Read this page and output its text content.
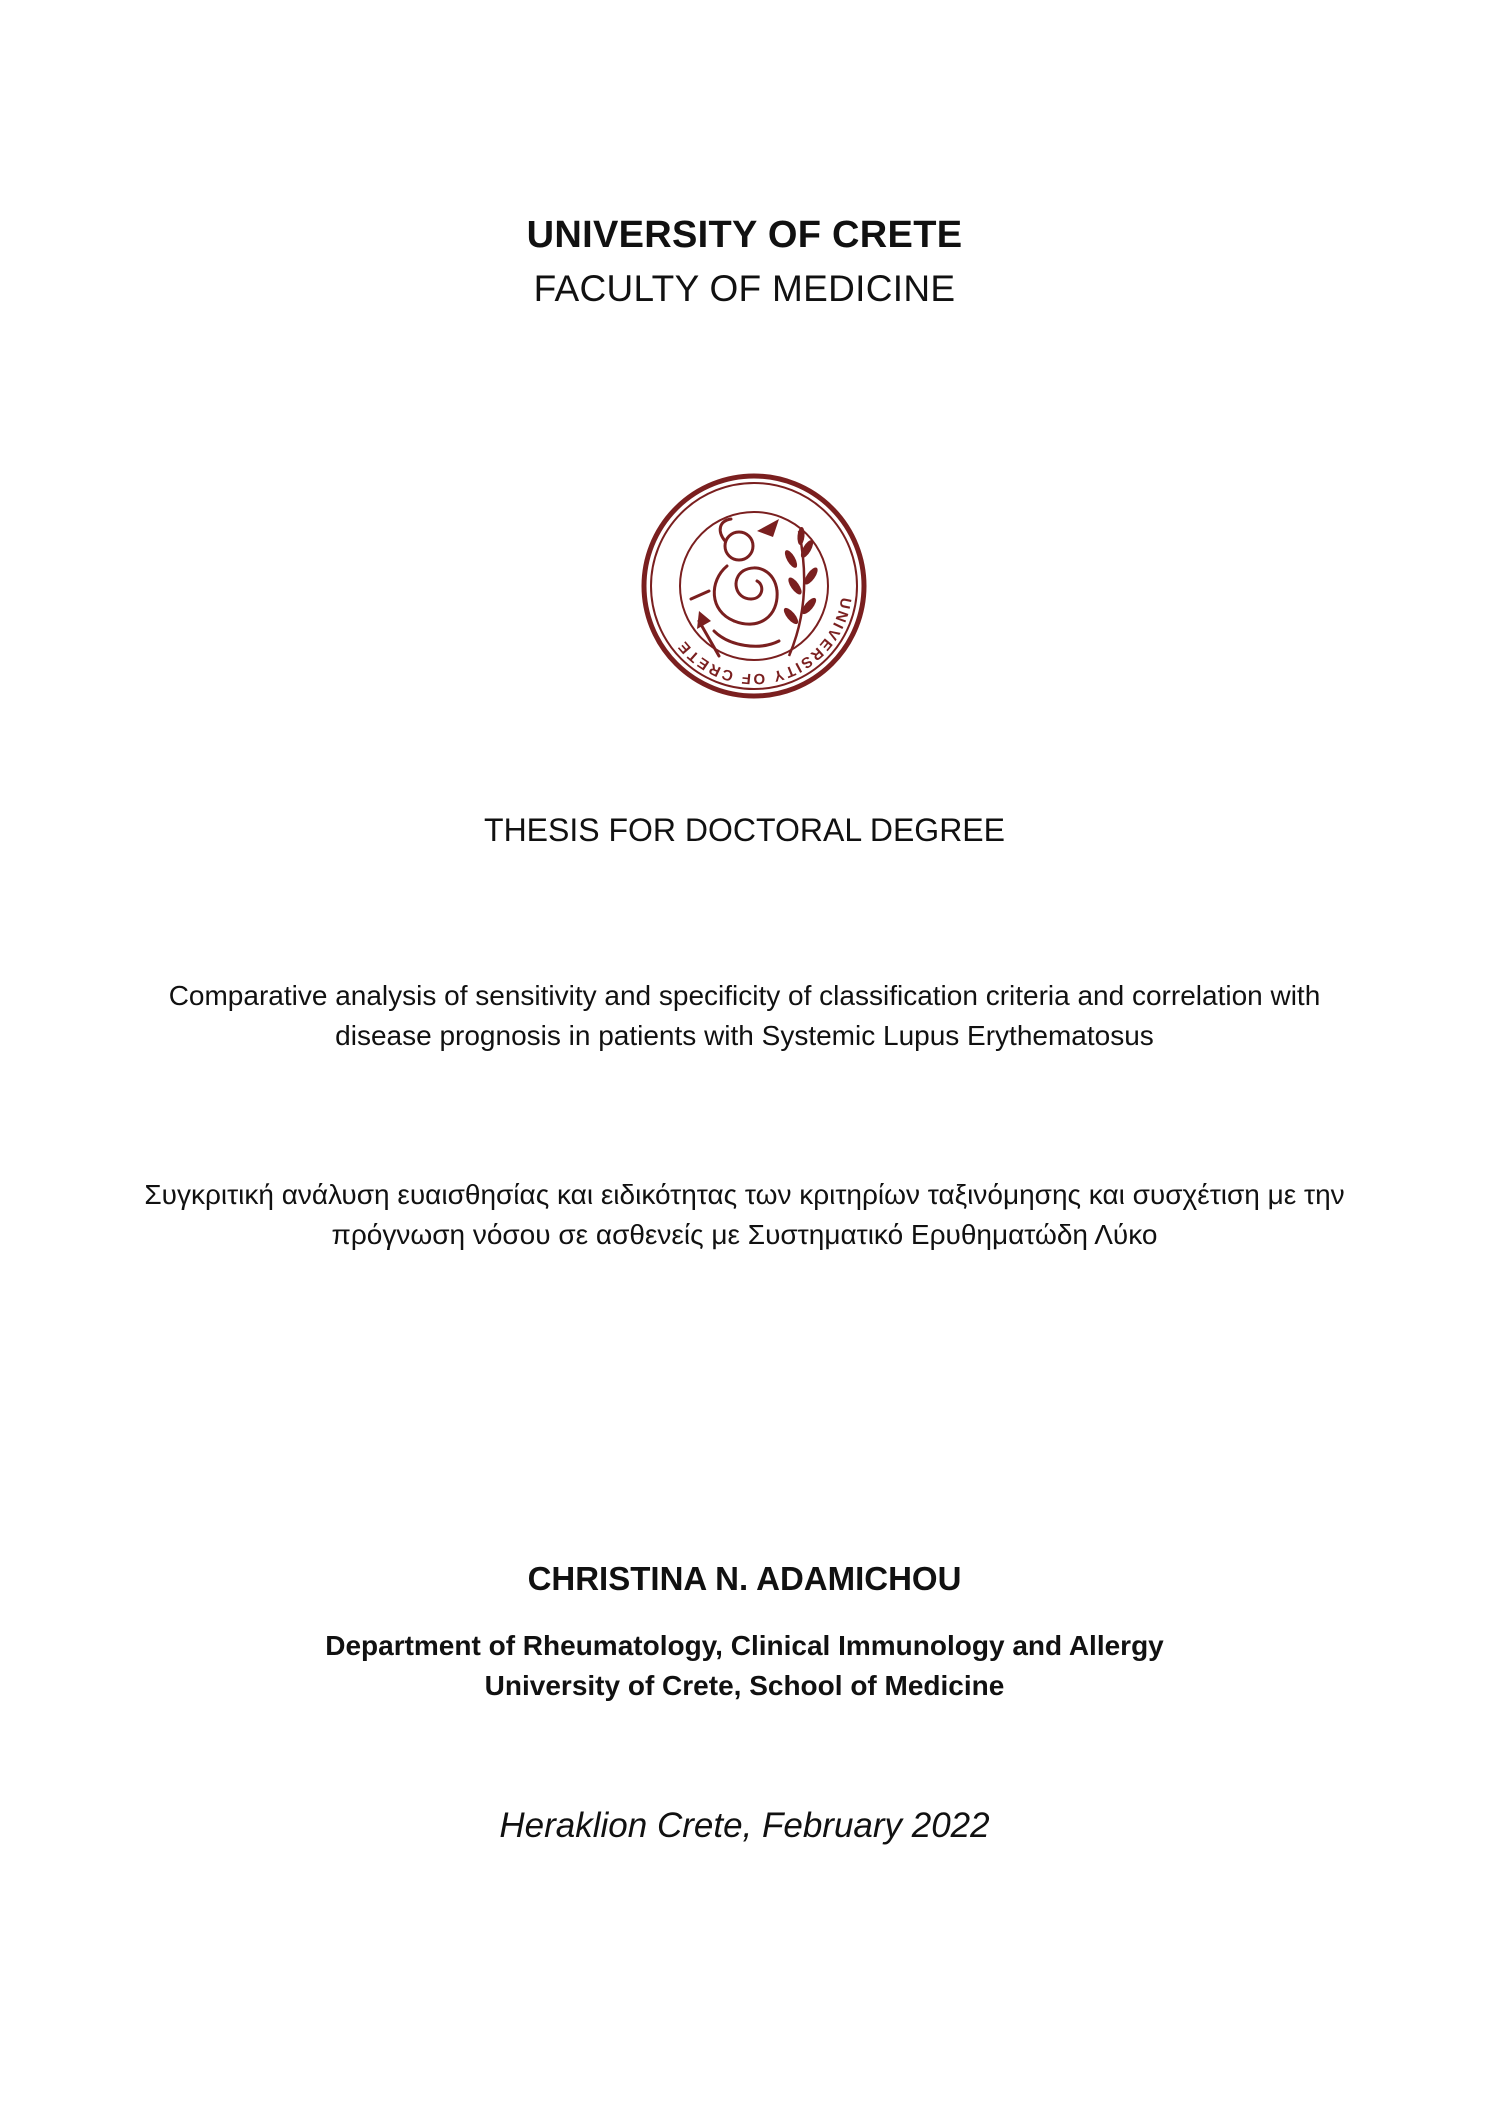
UNIVERSITY OF CRETE
FACULTY OF MEDICINE
UNIVERSITY OF CRETE
THESIS FOR DOCTORAL DEGREE
Comparative analysis of sensitivity and specificity of classification criteria and correlation with
disease prognosis in patients with Systemic Lupus Erythematosus
Συγκριτική ανάλυση ευαισθησίας και ειδικότητας των κριτηρίων ταξινόμησης και συσχέτιση με την
πρόγνωση νόσου σε ασθενείς με Συστηματικό Ερυθηματώδη Λύκο
CHRISTINA N. ADAMICHOU
Department of Rheumatology, Clinical Immunology and Allergy
University of Crete, School of Medicine
Heraklion Crete, February 2022
